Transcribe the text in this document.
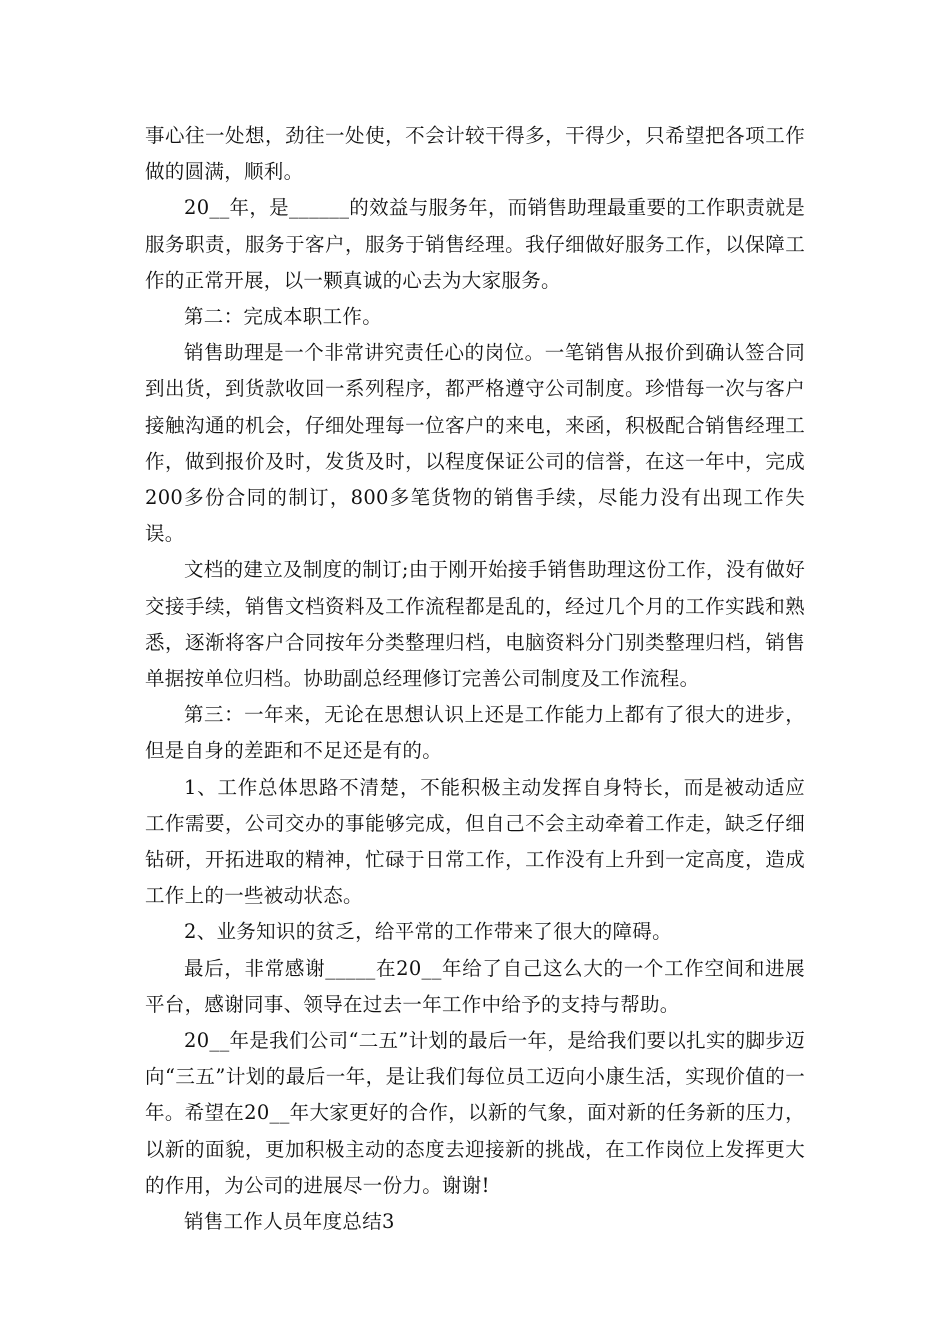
事心往一处想，劲往一处使，不会计较干得多，干得少，只希望把各项工作做的圆满，顺利。

20__年，是______的效益与服务年，而销售助理最重要的工作职责就是服务职责，服务于客户，服务于销售经理。我仔细做好服务工作，以保障工作的正常开展，以一颗真诚的心去为大家服务。

第二：完成本职工作。

销售助理是一个非常讲究责任心的岗位。一笔销售从报价到确认签合同到出货，到货款收回一系列程序，都严格遵守公司制度。珍惜每一次与客户接触沟通的机会，仔细处理每一位客户的来电，来函，积极配合销售经理工作，做到报价及时，发货及时，以程度保证公司的信誉，在这一年中，完成200多份合同的制订，800多笔货物的销售手续，尽能力没有出现工作失误。

文档的建立及制度的制订;由于刚开始接手销售助理这份工作，没有做好交接手续，销售文档资料及工作流程都是乱的，经过几个月的工作实践和熟悉，逐渐将客户合同按年分类整理归档，电脑资料分门别类整理归档，销售单据按单位归档。协助副总经理修订完善公司制度及工作流程。

第三：一年来，无论在思想认识上还是工作能力上都有了很大的进步，但是自身的差距和不足还是有的。

1、工作总体思路不清楚，不能积极主动发挥自身特长，而是被动适应工作需要，公司交办的事能够完成，但自己不会主动牵着工作走，缺乏仔细钻研，开拓进取的精神，忙碌于日常工作，工作没有上升到一定高度，造成工作上的一些被动状态。

2、业务知识的贫乏，给平常的工作带来了很大的障碍。

最后，非常感谢_____在20__年给了自己这么大的一个工作空间和进展平台，感谢同事、领导在过去一年工作中给予的支持与帮助。

20__年是我们公司“二五”计划的最后一年，是给我们要以扎实的脚步迈向“三五”计划的最后一年，是让我们每位员工迈向小康生活，实现价值的一年。希望在20__年大家更好的合作，以新的气象，面对新的任务新的压力，以新的面貌，更加积极主动的态度去迎接新的挑战，在工作岗位上发挥更大的作用，为公司的进展尽一份力。谢谢!

销售工作人员年度总结3
